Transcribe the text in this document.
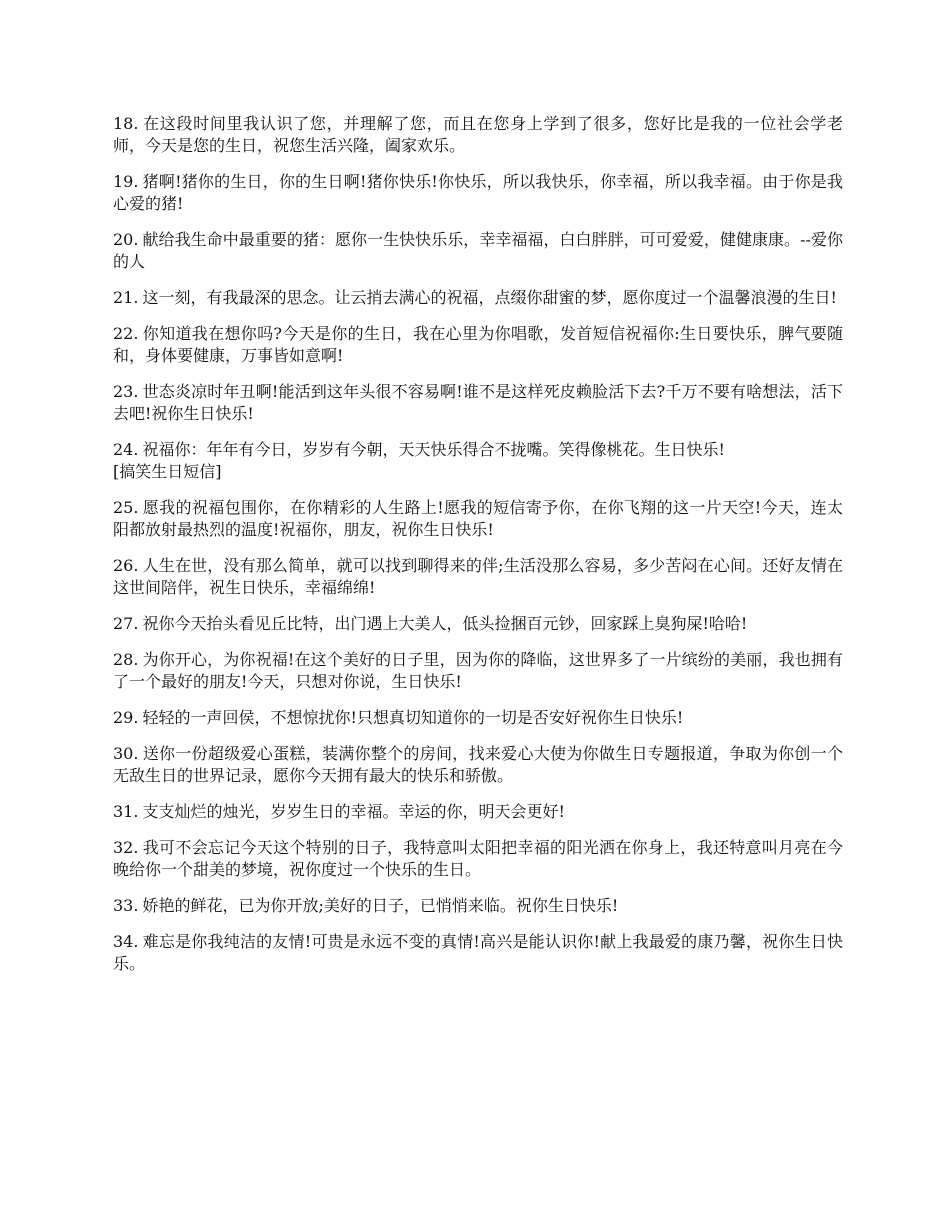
18. 在这段时间里我认识了您，并理解了您，而且在您身上学到了很多，您好比是我的一位社会学老师，今天是您的生日，祝您生活兴隆，阖家欢乐。

19. 猪啊!猪你的生日，你的生日啊!猪你快乐!你快乐，所以我快乐，你幸福，所以我幸福。由于你是我心爱的猪!

20. 献给我生命中最重要的猪：愿你一生快快乐乐，幸幸福福，白白胖胖，可可爱爱，健健康康。--爱你的人

21. 这一刻，有我最深的思念。让云捎去满心的祝福，点缀你甜蜜的梦，愿你度过一个温馨浪漫的生日!

22. 你知道我在想你吗?今天是你的生日，我在心里为你唱歌，发首短信祝福你:生日要快乐，脾气要随和，身体要健康，万事皆如意啊!

23. 世态炎凉时年丑啊!能活到这年头很不容易啊!谁不是这样死皮赖脸活下去?千万不要有啥想法，活下去吧!祝你生日快乐!

24. 祝福你：年年有今日，岁岁有今朝，天天快乐得合不拢嘴。笑得像桃花。生日快乐!
[搞笑生日短信]

25. 愿我的祝福包围你，在你精彩的人生路上!愿我的短信寄予你，在你飞翔的这一片天空!今天，连太阳都放射最热烈的温度!祝福你，朋友，祝你生日快乐!

26. 人生在世，没有那么简单，就可以找到聊得来的伴;生活没那么容易，多少苦闷在心间。还好友情在这世间陪伴，祝生日快乐，幸福绵绵!

27. 祝你今天抬头看见丘比特，出门遇上大美人，低头捡捆百元钞，回家踩上臭狗屎!哈哈!

28. 为你开心，为你祝福!在这个美好的日子里，因为你的降临，这世界多了一片缤纷的美丽，我也拥有了一个最好的朋友!今天，只想对你说，生日快乐!

29. 轻轻的一声回侯，不想惊扰你!只想真切知道你的一切是否安好祝你生日快乐!

30. 送你一份超级爱心蛋糕，装满你整个的房间，找来爱心大使为你做生日专题报道，争取为你创一个无敌生日的世界记录，愿你今天拥有最大的快乐和骄傲。

31. 支支灿烂的烛光，岁岁生日的幸福。幸运的你，明天会更好!

32. 我可不会忘记今天这个特别的日子，我特意叫太阳把幸福的阳光洒在你身上，我还特意叫月亮在今晚给你一个甜美的梦境，祝你度过一个快乐的生日。

33. 娇艳的鲜花，已为你开放;美好的日子，已悄悄来临。祝你生日快乐!

34. 难忘是你我纯洁的友情!可贵是永远不变的真情!高兴是能认识你!献上我最爱的康乃馨，祝你生日快乐。
